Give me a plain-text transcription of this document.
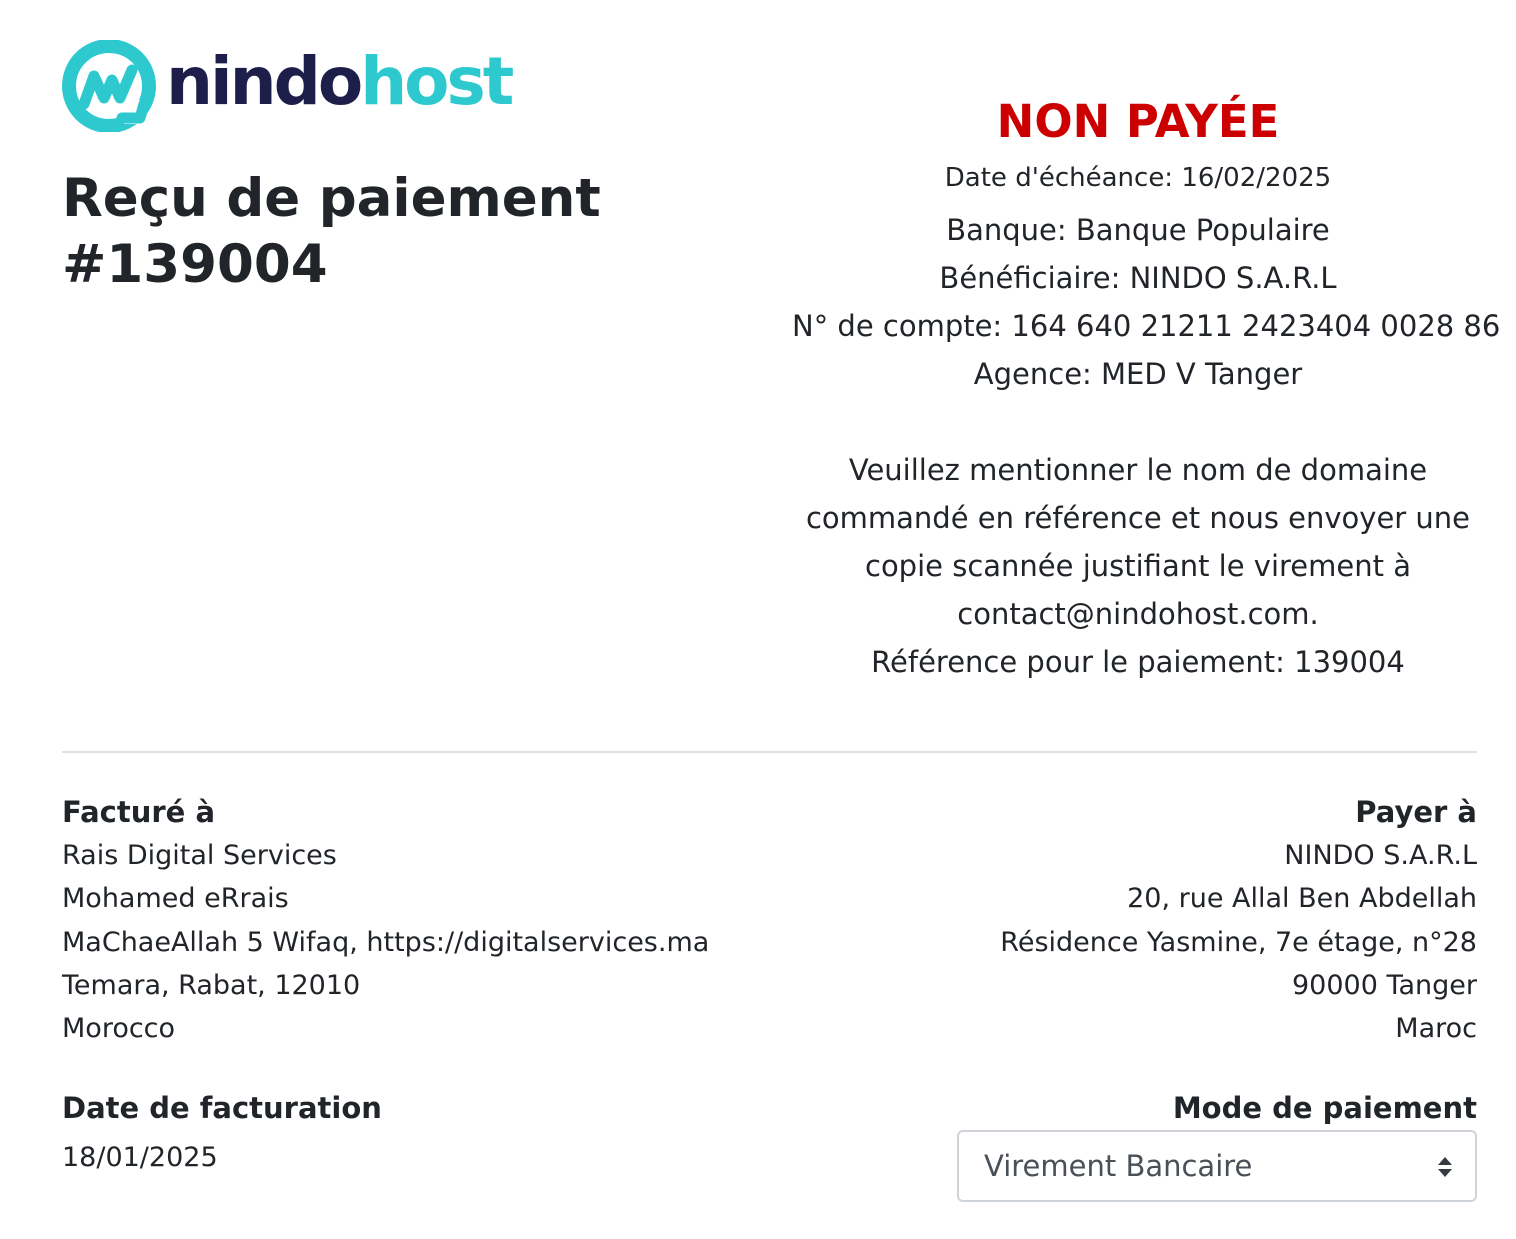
nindohost
Reçu de paiement
#139004
NON PAYÉE
Date d'échéance: 16/02/2025
Banque: Banque Populaire
Bénéficiaire: NINDO S.A.R.L
N° de compte: 164 640 21211 2423404 0028 86
Agence: MED V Tanger
Veuillez mentionner le nom de domaine
commandé en référence et nous envoyer une
copie scannée justifiant le virement à
contact@nindohost.com.
Référence pour le paiement: 139004
Facturé à
Rais Digital Services
Mohamed eRrais
MaChaeAllah 5 Wifaq, https://digitalservices.ma
Temara, Rabat, 12010
Morocco
Payer à
NINDO S.A.R.L
20, rue Allal Ben Abdellah
Résidence Yasmine, 7e étage, n°28
90000 Tanger
Maroc
Date de facturation
18/01/2025
Mode de paiement
Virement Bancaire
